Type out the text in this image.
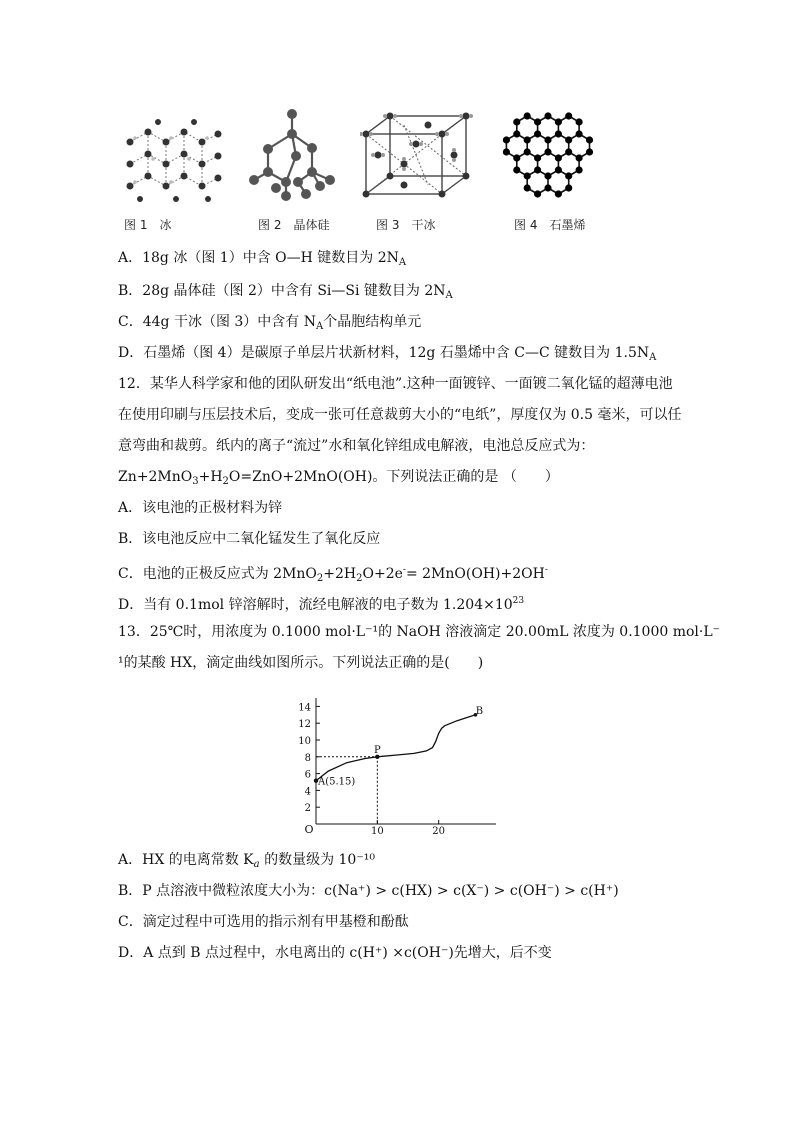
图 1　冰	图 2　晶体硅	图 3　干冰	图 4　石墨烯
A．18g 冰（图 1）中含 O—H 键数目为 $2N_A$
B．28g 晶体硅（图 2）中含有 Si—Si 键数目为 $2N_A$
C．44g 干冰（图 3）中含有 $N_A$个晶胞结构单元
D．石墨烯（图 4）是碳原子单层片状新材料，12g 石墨烯中含 C—C 键数目为 $1.5N_A$
12．某华人科学家和他的团队研发出“纸电池”.这种一面镀锌、一面镀二氧化锰的超薄电池
在使用印刷与压层技术后，变成一张可任意裁剪大小的“电纸”，厚度仅为 0.5 毫米，可以任
意弯曲和裁剪。纸内的离子“流过”水和氧化锌组成电解液，电池总反应式为：
$Zn+2MnO_3+H_2O=ZnO+2MnO(OH)$。下列说法正确的是 （　　）
A．该电池的正极材料为锌
B．该电池反应中二氧化锰发生了氧化反应
C．电池的正极反应式为 $2MnO_2+2H_2O+2e^-= 2MnO(OH)+2OH^-$
D．当有 0.1mol 锌溶解时，流经电解液的电子数为 $1.204\times 10^{23}$
13．25℃时，用浓度为 0.1000 mol·L⁻¹的 NaOH 溶液滴定 20.00mL 浓度为 0.1000 mol·L⁻
¹的某酸 HX，滴定曲线如图所示。下列说法正确的是(　　)
O
14
12
10
8
6
4
2
10	20
A(5.15)
P
B
A．HX 的电离常数 $K_a$ 的数量级为 10⁻¹⁰
B．P 点溶液中微粒浓度大小为：c(Na⁺) > c(HX) > c(X⁻) > c(OH⁻) > c(H⁺)
C．滴定过程中可选用的指示剂有甲基橙和酚酞
D．A 点到 B 点过程中，水电离出的 c(H⁺) ×c(OH⁻)先增大，后不变
